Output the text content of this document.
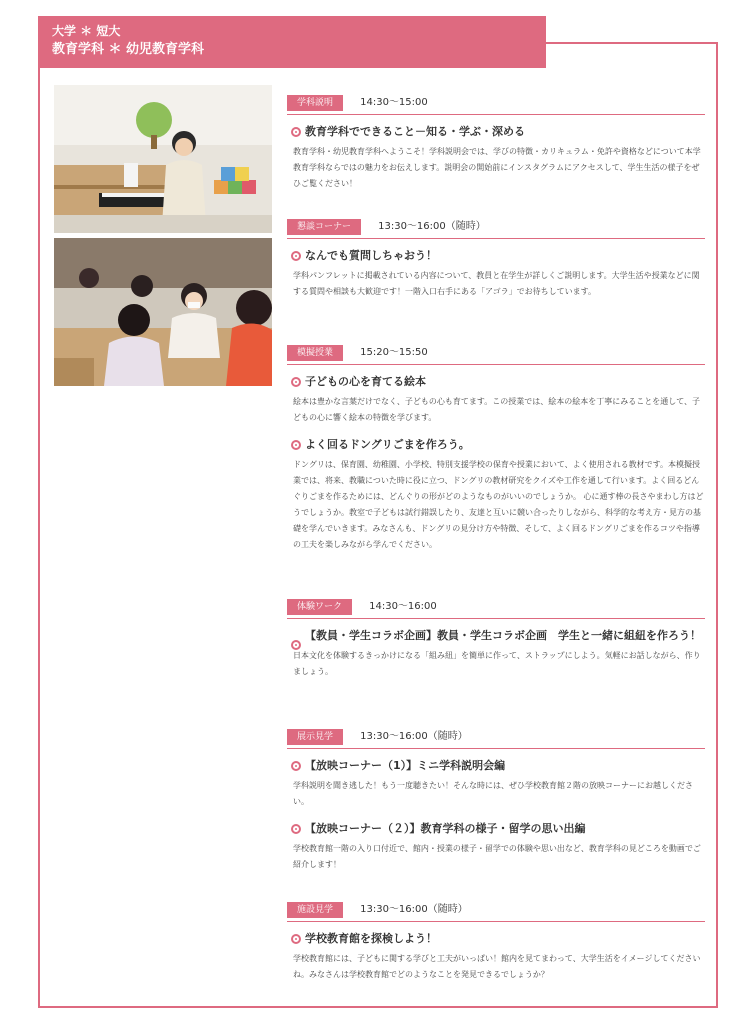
大学 ＊ 短大
教育学科 ＊ 幼児教育学科
学科説明	14:30〜15:00
教育学科でできること－知る・学ぶ・深める
教育学科・幼児教育学科へようこそ！学科説明会では、学びの特徴・カリキュラム・免許や資格などについて本学教育学科ならではの魅力をお伝えします。説明会の開始前にインスタグラムにアクセスして、学生生活の様子をぜひご覧ください！
懇談コーナー	13:30〜16:00（随時）
なんでも質問しちゃおう！
学科パンフレットに掲載されている内容について、教員と在学生が詳しくご説明します。大学生活や授業などに関する質問や相談も大歓迎です！一階入口右手にある「アゴラ」でお待ちしています。
模擬授業	15:20〜15:50
子どもの心を育てる絵本
絵本は豊かな言葉だけでなく、子どもの心も育てます。この授業では、絵本の絵本を丁寧にみることを通して、子どもの心に響く絵本の特徴を学びます。
よく回るドングリごまを作ろう。
ドングリは、保育園、幼稚園、小学校、特別支援学校の保育や授業において、よく使用される教材です。本模擬授業では、将来、教職についた時に役に立つ、ドングリの教材研究をクイズや工作を通して行います。よく回るどんぐりごまを作るためには、どんぐりの形がどのようなものがいいのでしょうか。 心に通す棒の長さやまわし方はどうでしょうか。教室で子どもは試行錯誤したり、友達と互いに競い合ったりしながら、科学的な考え方・見方の基礎を学んでいきます。みなさんも、ドングリの見分け方や特徴、そして、よく回るドングリごまを作るコツや指導の工夫を楽しみながら学んでください。
体験ワーク	14:30〜16:00
【教員・学生コラボ企画】教員・学生コラボ企画　学生と一緒に組紐を作ろう！
日本文化を体験するきっかけになる「組み紐」を簡単に作って、ストラップにしよう。気軽にお話しながら、作りましょう。
展示見学	13:30〜16:00（随時）
【放映コーナー（1）】ミニ学科説明会編
学科説明を聞き逃した！もう一度聴きたい！そんな時には、ぜひ学校教育館２階の放映コーナーにお越しください。
【放映コーナー（２）】教育学科の様子・留学の思い出編
学校教育館一階の入り口付近で、館内・授業の様子・留学での体験や思い出など、教育学科の見どころを動画でご紹介します！
施設見学	13:30〜16:00（随時）
学校教育館を探検しよう！
学校教育館には、子どもに関する学びと工夫がいっぱい！館内を見てまわって、大学生活をイメージしてくださいね。みなさんは学校教育館でどのようなことを発見できるでしょうか？
